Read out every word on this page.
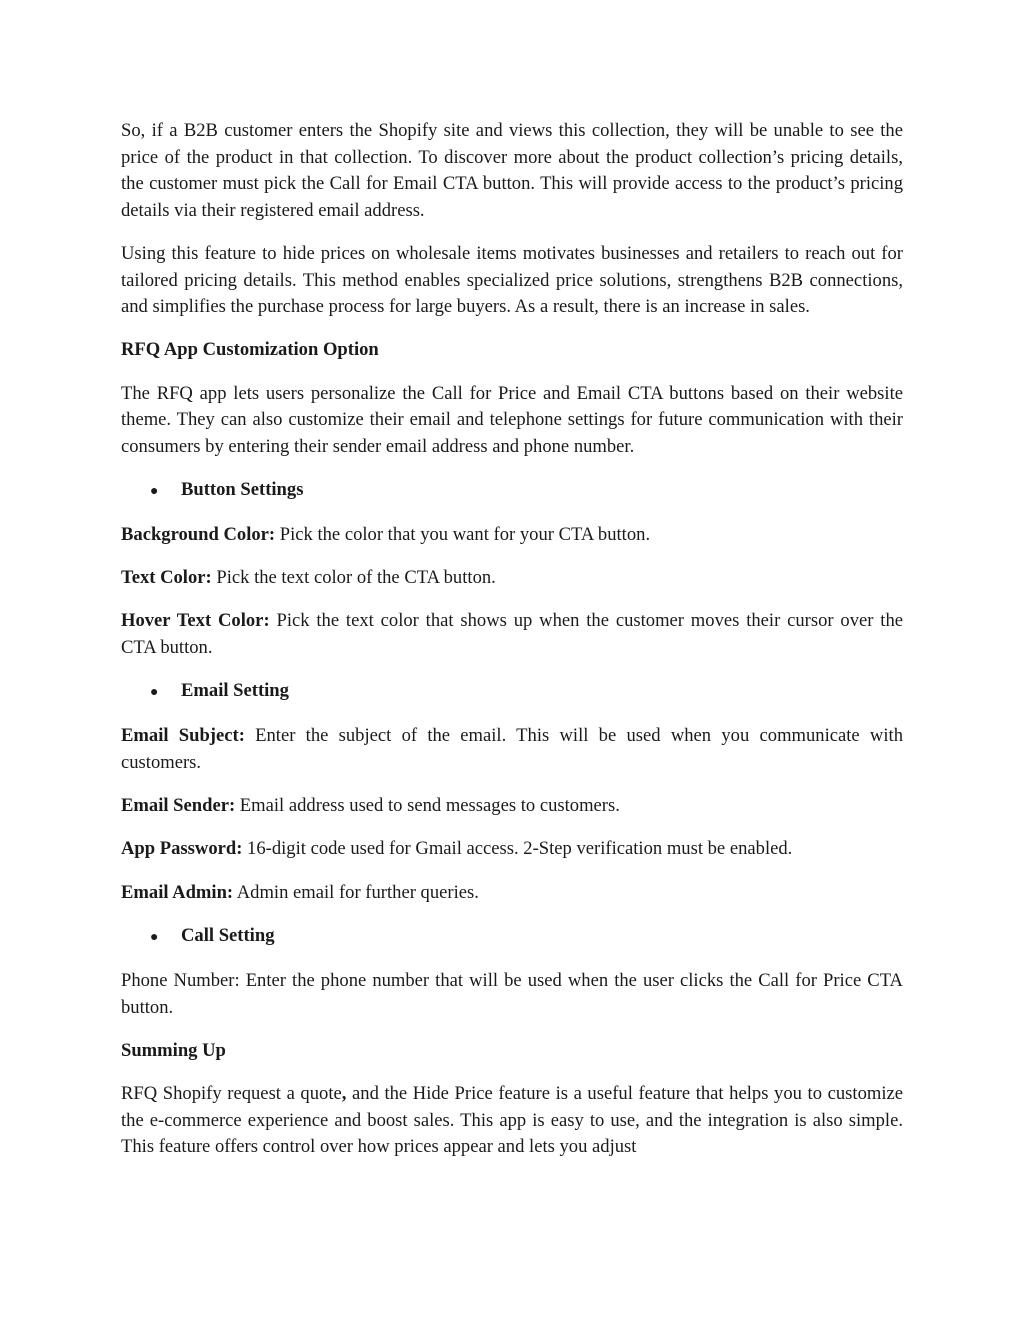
So, if a B2B customer enters the Shopify site and views this collection, they will be unable to see the price of the product in that collection. To discover more about the product collection’s pricing details, the customer must pick the Call for Email CTA button. This will provide access to the product’s pricing details via their registered email address.

Using this feature to hide prices on wholesale items motivates businesses and retailers to reach out for tailored pricing details. This method enables specialized price solutions, strengthens B2B connections, and simplifies the purchase process for large buyers. As a result, there is an increase in sales.

RFQ App Customization Option

The RFQ app lets users personalize the Call for Price and Email CTA buttons based on their website theme. They can also customize their email and telephone settings for future communication with their consumers by entering their sender email address and phone number.

●	Button Settings

Background Color: Pick the color that you want for your CTA button.

Text Color: Pick the text color of the CTA button.

Hover Text Color: Pick the text color that shows up when the customer moves their cursor over the CTA button.

●	Email Setting

Email Subject: Enter the subject of the email. This will be used when you communicate with customers.

Email Sender: Email address used to send messages to customers.

App Password: 16-digit code used for Gmail access. 2-Step verification must be enabled.

Email Admin: Admin email for further queries.

●	Call Setting

Phone Number: Enter the phone number that will be used when the user clicks the Call for Price CTA button.

Summing Up

RFQ Shopify request a quote, and the Hide Price feature is a useful feature that helps you to customize the e-commerce experience and boost sales. This app is easy to use, and the integration is also simple. This feature offers control over how prices appear and lets you adjust
